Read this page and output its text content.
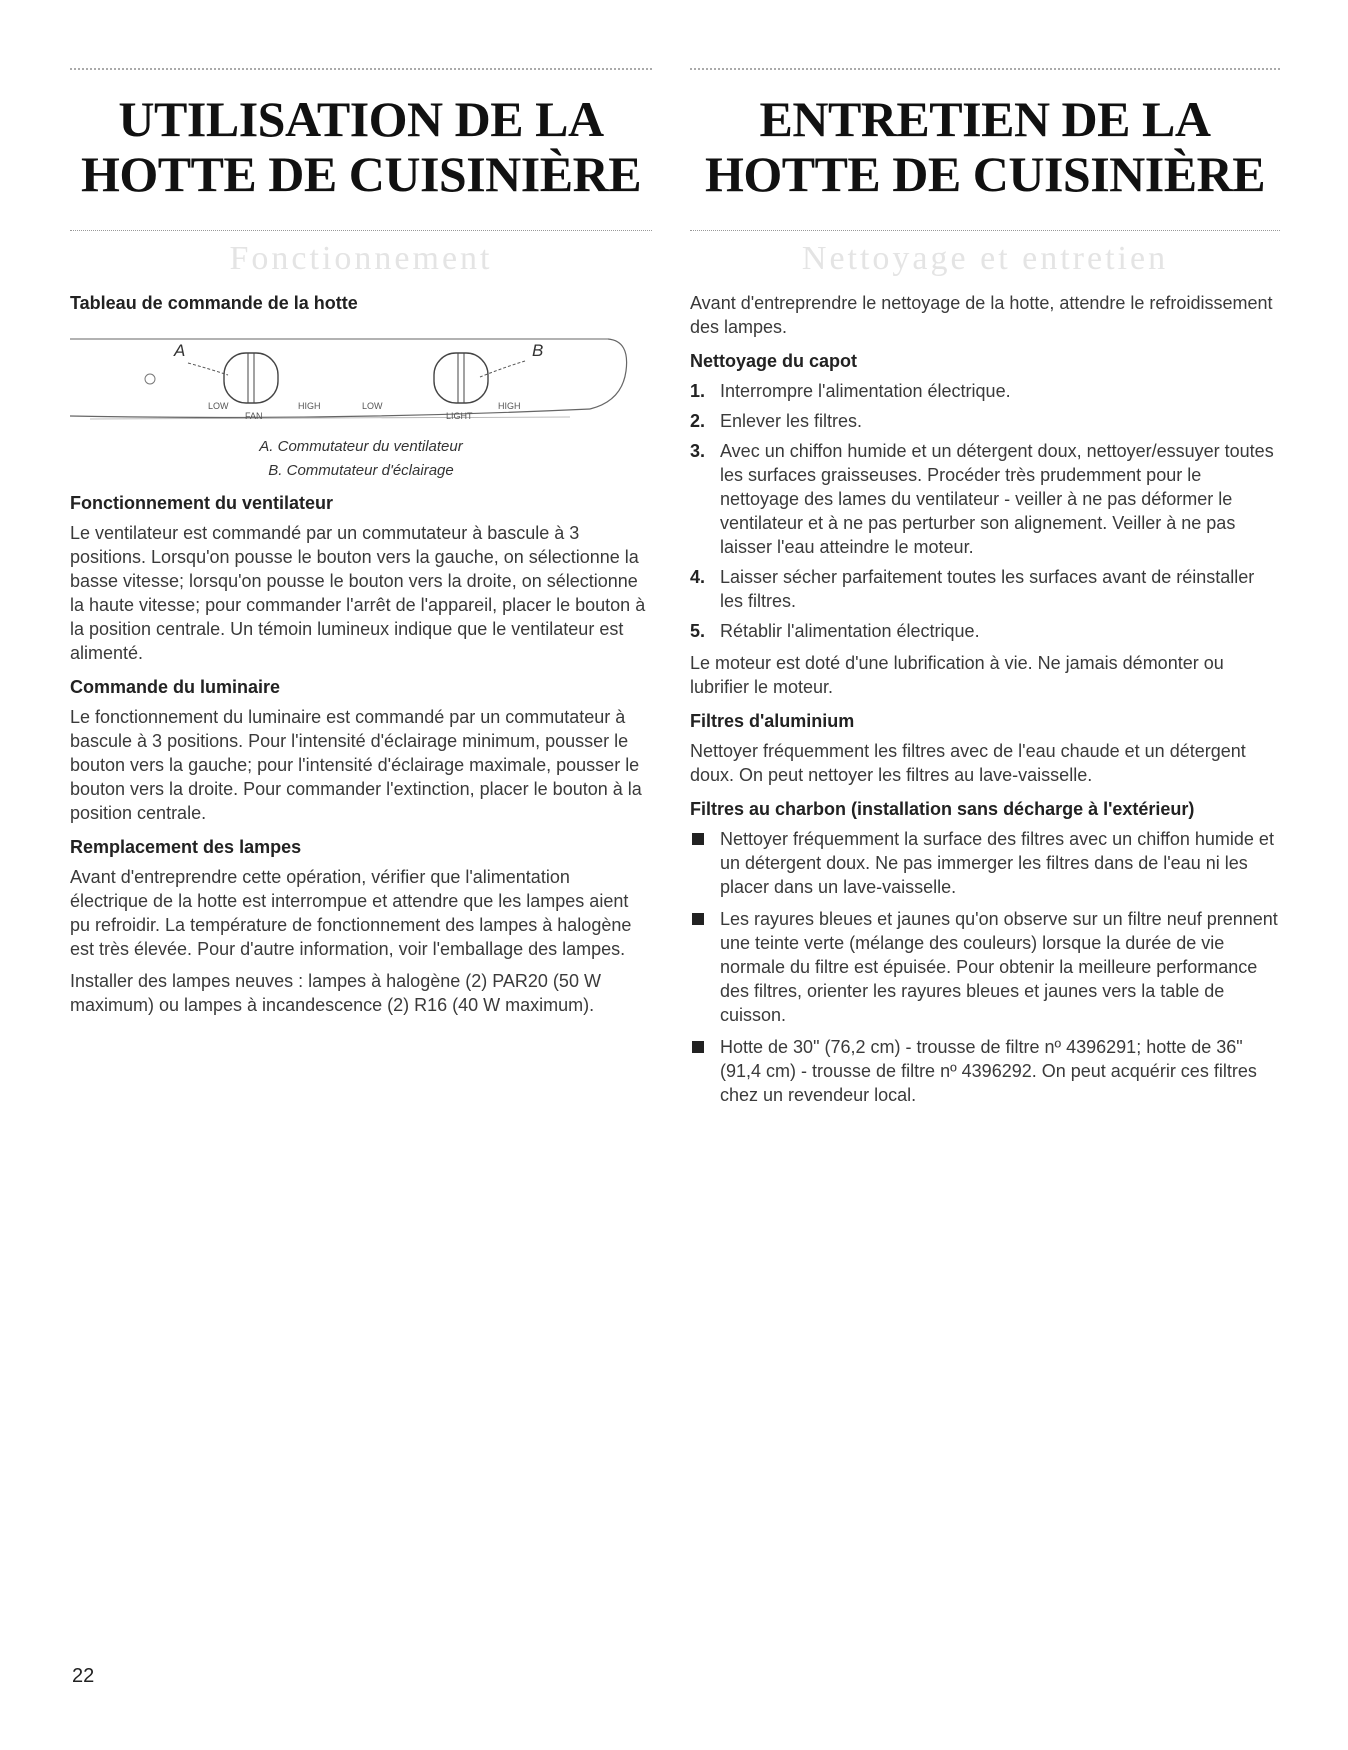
UTILISATION DE LA HOTTE DE CUISINIÈRE
Fonctionnement
Tableau de commande de la hotte
A	B
LOW
FAN
HIGH	LOW
LIGHT
HIGH
A. Commutateur du ventilateur
B. Commutateur d'éclairage
Fonctionnement du ventilateur

Le ventilateur est commandé par un commutateur à bascule à 3 positions. Lorsqu'on pousse le bouton vers la gauche, on sélectionne la basse vitesse; lorsqu'on pousse le bouton vers la droite, on sélectionne la haute vitesse; pour commander l'arrêt de l'appareil, placer le bouton à la position centrale. Un témoin lumineux indique que le ventilateur est alimenté.

Commande du luminaire

Le fonctionnement du luminaire est commandé par un commutateur à bascule à 3 positions. Pour l'intensité d'éclairage minimum, pousser le bouton vers la gauche; pour l'intensité d'éclairage maximale, pousser le bouton vers la droite. Pour commander l'extinction, placer le bouton à la position centrale.

Remplacement des lampes

Avant d'entreprendre cette opération, vérifier que l'alimentation électrique de la hotte est interrompue et attendre que les lampes aient pu refroidir. La température de fonctionnement des lampes à halogène est très élevée. Pour d'autre information, voir l'emballage des lampes.

Installer des lampes neuves : lampes à halogène (2) PAR20 (50 W maximum) ou lampes à incandescence (2) R16 (40 W maximum).

ENTRETIEN DE LA HOTTE DE CUISINIÈRE
Nettoyage et entretien

Avant d'entreprendre le nettoyage de la hotte, attendre le refroidissement des lampes.

Nettoyage du capot
1. Interrompre l'alimentation électrique.
2. Enlever les filtres.
3. Avec un chiffon humide et un détergent doux, nettoyer/essuyer toutes les surfaces graisseuses. Procéder très prudemment pour le nettoyage des lames du ventilateur - veiller à ne pas déformer le ventilateur et à ne pas perturber son alignement. Veiller à ne pas laisser l'eau atteindre le moteur.
4. Laisser sécher parfaitement toutes les surfaces avant de réinstaller les filtres.
5. Rétablir l'alimentation électrique.

Le moteur est doté d'une lubrification à vie. Ne jamais démonter ou lubrifier le moteur.

Filtres d'aluminium

Nettoyer fréquemment les filtres avec de l'eau chaude et un détergent doux. On peut nettoyer les filtres au lave-vaisselle.

Filtres au charbon (installation sans décharge à l'extérieur)
Nettoyer fréquemment la surface des filtres avec un chiffon humide et un détergent doux. Ne pas immerger les filtres dans de l'eau ni les placer dans un lave-vaisselle.
Les rayures bleues et jaunes qu'on observe sur un filtre neuf prennent une teinte verte (mélange des couleurs) lorsque la durée de vie normale du filtre est épuisée. Pour obtenir la meilleure performance des filtres, orienter les rayures bleues et jaunes vers la table de cuisson.
Hotte de 30" (76,2 cm) - trousse de filtre nº 4396291; hotte de 36" (91,4 cm) - trousse de filtre nº 4396292. On peut acquérir ces filtres chez un revendeur local.
22
